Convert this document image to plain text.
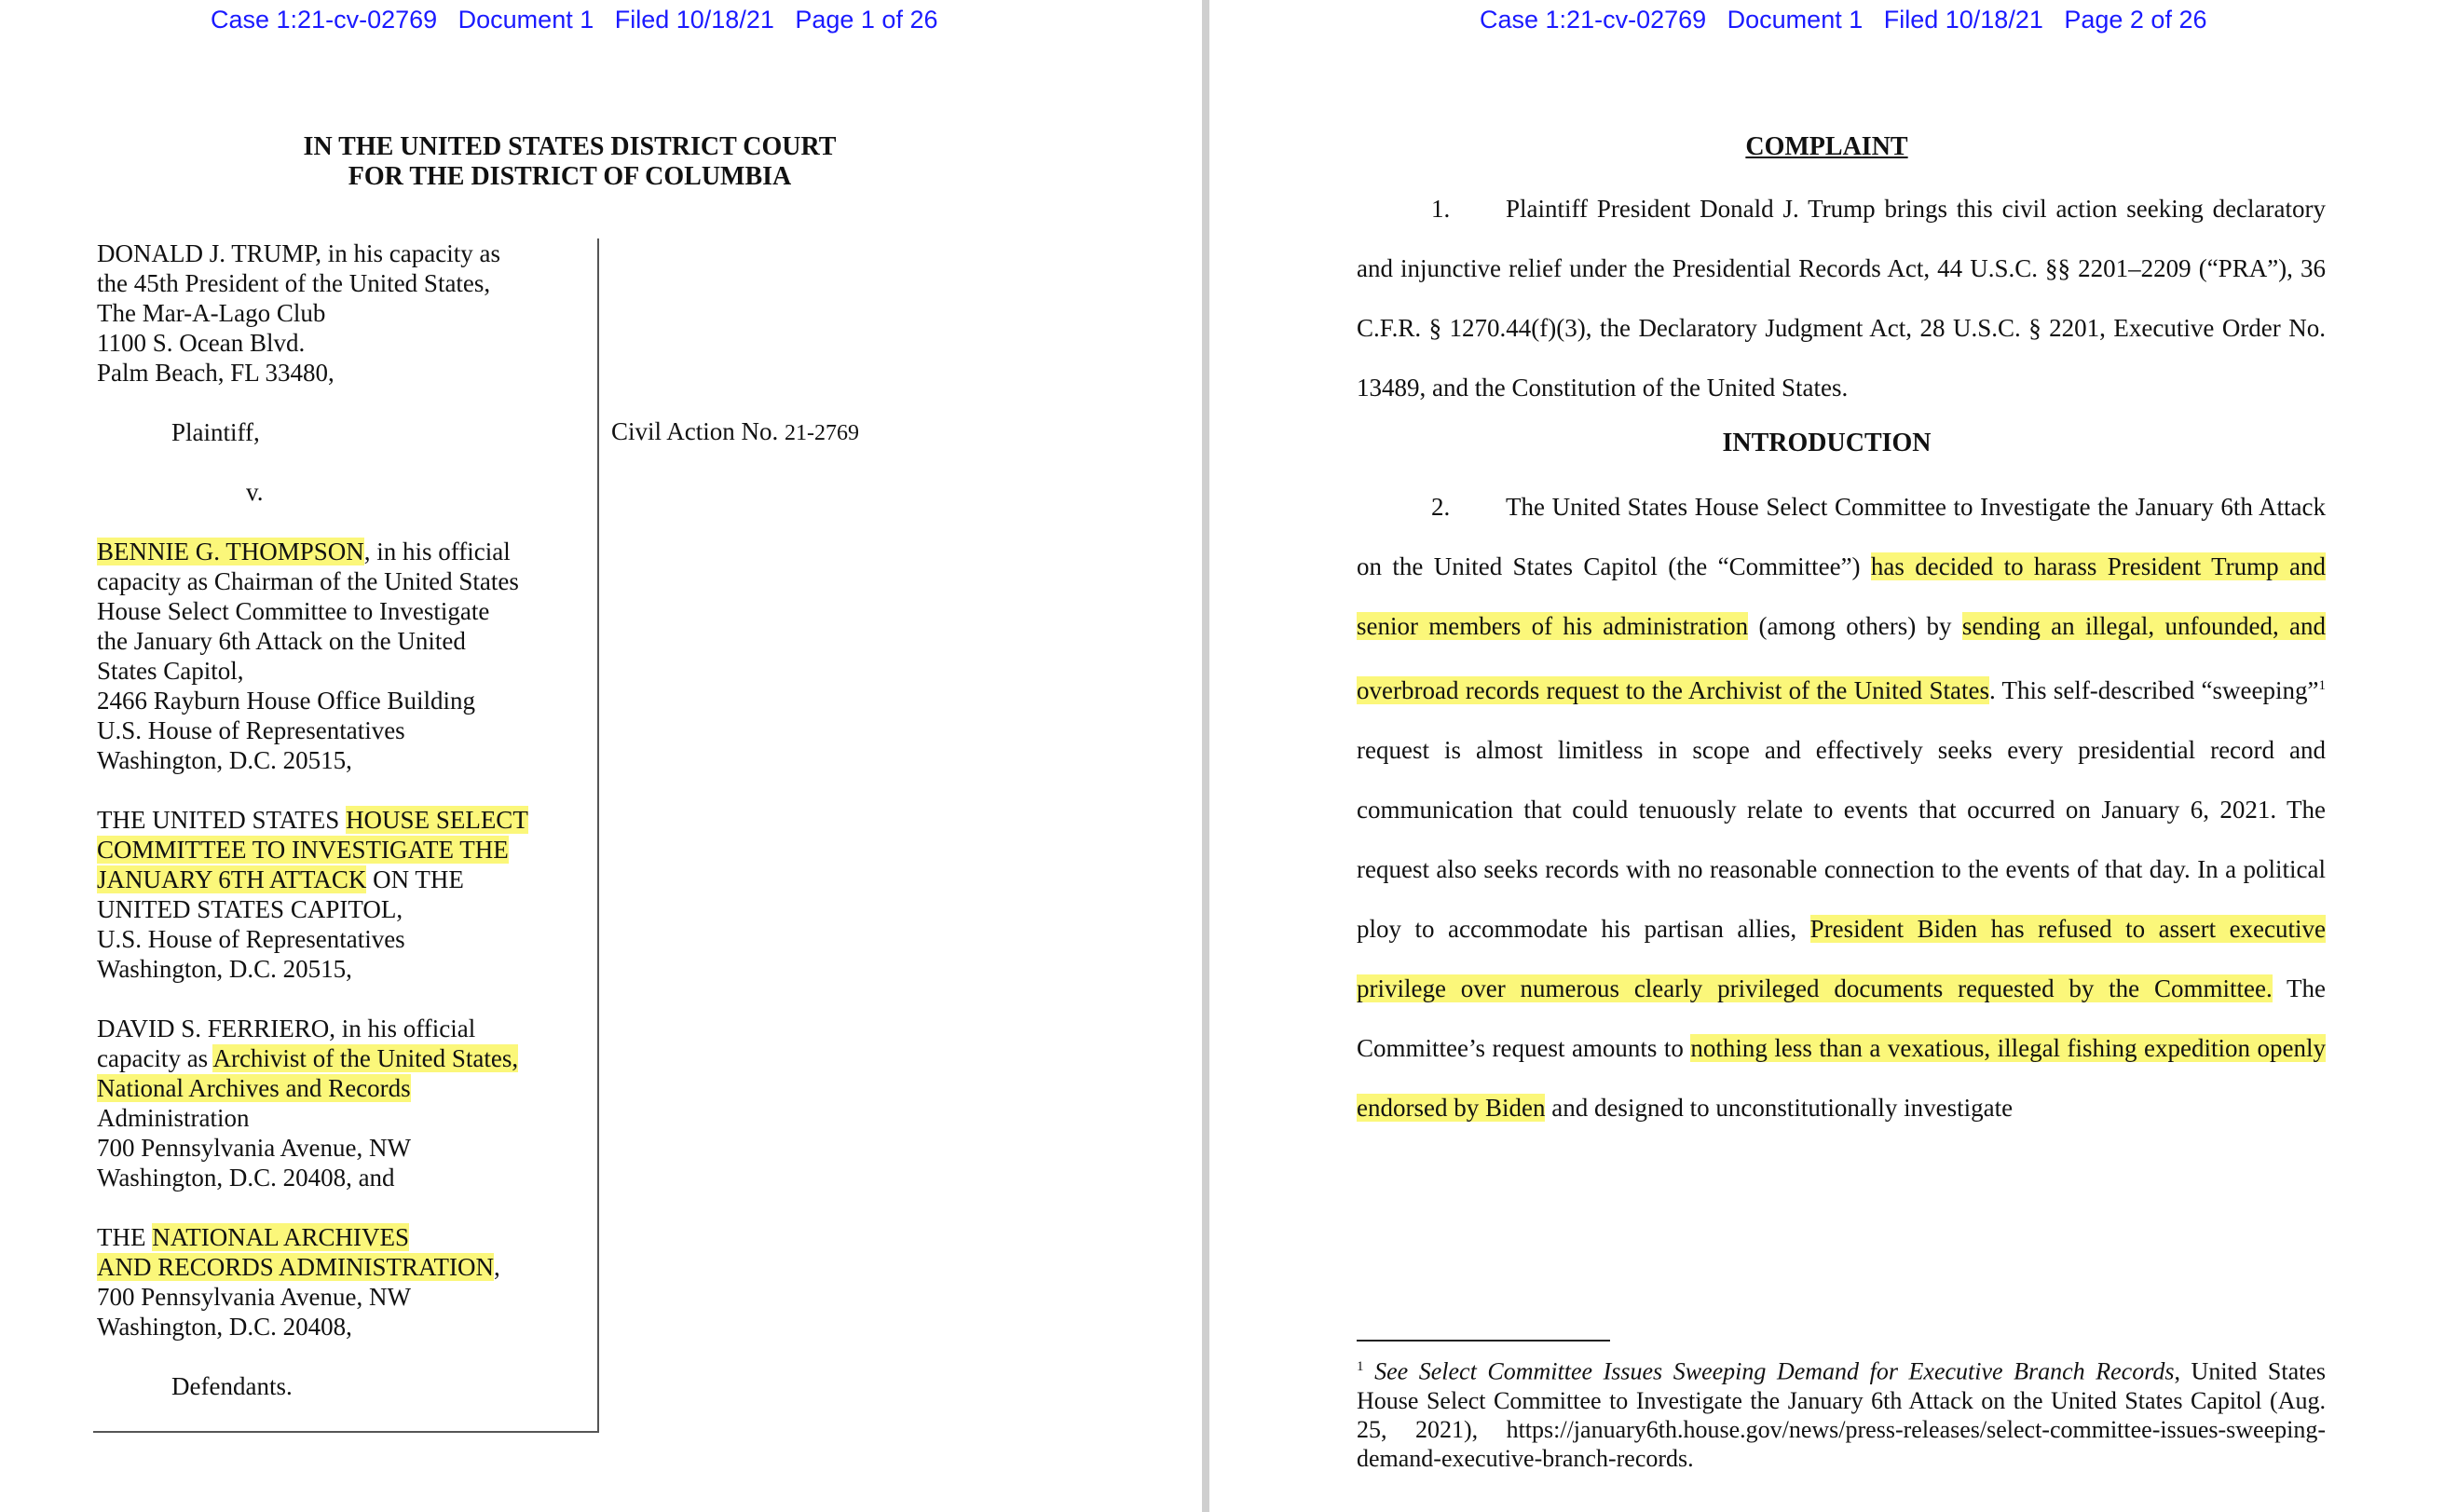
Case 1:21-cv-02769   Document 1   Filed 10/18/21   Page 1 of 26
IN THE UNITED STATES DISTRICT COURT
FOR THE DISTRICT OF COLUMBIA
DONALD J. TRUMP, in his capacity as
the 45th President of the United States,
The Mar-A-Lago Club
1100 S. Ocean Blvd.
Palm Beach, FL 33480,
Plaintiff,
v.
BENNIE G. THOMPSON, in his official
capacity as Chairman of the United States
House Select Committee to Investigate
the January 6th Attack on the United
States Capitol,
2466 Rayburn House Office Building
U.S. House of Representatives
Washington, D.C. 20515,
THE UNITED STATES HOUSE SELECT
COMMITTEE TO INVESTIGATE THE
JANUARY 6TH ATTACK ON THE
UNITED STATES CAPITOL,
U.S. House of Representatives
Washington, D.C. 20515,
DAVID S. FERRIERO, in his official
capacity as Archivist of the United States,
National Archives and Records
Administration
700 Pennsylvania Avenue, NW
Washington, D.C. 20408, and
THE NATIONAL ARCHIVES
AND RECORDS ADMINISTRATION,
700 Pennsylvania Avenue, NW
Washington, D.C. 20408,
Defendants.
Civil Action No. 21-2769
Case 1:21-cv-02769   Document 1   Filed 10/18/21   Page 2 of 26
COMPLAINT

1. Plaintiff President Donald J. Trump brings this civil action seeking declaratory and injunctive relief under the Presidential Records Act, 44 U.S.C. §§ 2201–2209 (“PRA”), 36 C.F.R. § 1270.44(f)(3), the Declaratory Judgment Act, 28 U.S.C. § 2201, Executive Order No. 13489, and the Constitution of the United States.

INTRODUCTION

2. The United States House Select Committee to Investigate the January 6th Attack on the United States Capitol (the “Committee”) has decided to harass President Trump and senior members of his administration (among others) by sending an illegal, unfounded, and overbroad records request to the Archivist of the United States. This self-described “sweeping”$^1$ request is almost limitless in scope and effectively seeks every presidential record and communication that could tenuously relate to events that occurred on January 6, 2021. The request also seeks records with no reasonable connection to the events of that day. In a political ploy to accommodate his partisan allies, President Biden has refused to assert executive privilege over numerous clearly privileged documents requested by the Committee. The Committee’s request amounts to nothing less than a vexatious, illegal fishing expedition openly endorsed by Biden and designed to unconstitutionally investigate

$^1$ See Select Committee Issues Sweeping Demand for Executive Branch Records, United States House Select Committee to Investigate the January 6th Attack on the United States Capitol (Aug. 25, 2021), https://january6th.house.gov/news/press-releases/select-committee-issues-sweeping-demand-executive-branch-records.
